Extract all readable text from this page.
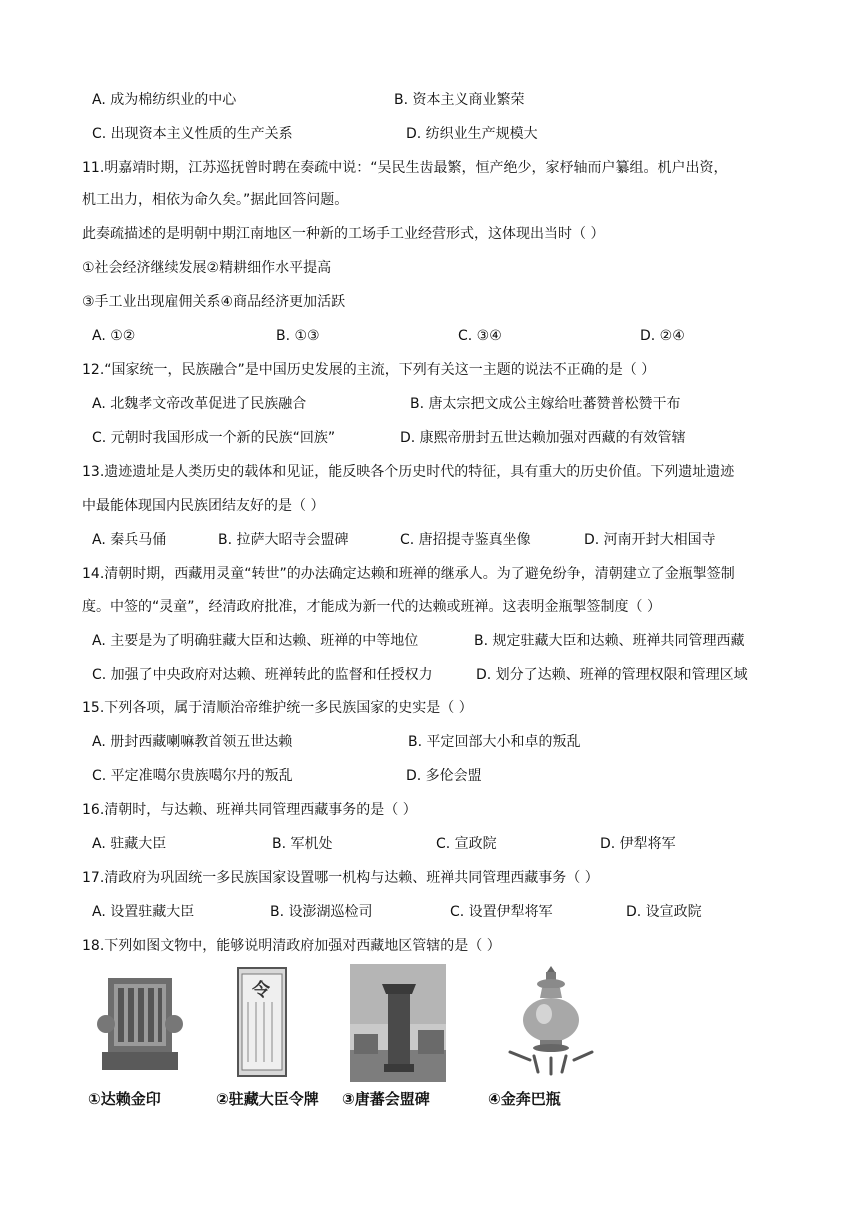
A. 成为棉纺织业的中心	B. 资本主义商业繁荣
C. 出现资本主义性质的生产关系	D. 纺织业生产规模大
11.明嘉靖时期，江苏巡抚曾时聘在奏疏中说：“吴民生齿最繁，恒产绝少，家杼轴而户纂组。机户出资，
机工出力，相依为命久矣。”据此回答问题。
此奏疏描述的是明朝中期江南地区一种新的工场手工业经营形式，这体现出当时（ ）
①社会经济继续发展②精耕细作水平提高
③手工业出现雇佣关系④商品经济更加活跃
A. ①②	B. ①③	C. ③④	D. ②④
12.“国家统一，民族融合”是中国历史发展的主流，下列有关这一主题的说法不正确的是（ ）
A. 北魏孝文帝改革促进了民族融合	B. 唐太宗把文成公主嫁给吐蕃赞普松赞干布
C. 元朝时我国形成一个新的民族“回族”	D. 康熙帝册封五世达赖加强对西藏的有效管辖
13.遗迹遗址是人类历史的载体和见证，能反映各个历史时代的特征，具有重大的历史价值。下列遗址遗迹
中最能体现国内民族团结友好的是（ ）
A. 秦兵马俑	B. 拉萨大昭寺会盟碑	C. 唐招提寺鉴真坐像	D. 河南开封大相国寺
14.清朝时期，西藏用灵童“转世”的办法确定达赖和班禅的继承人。为了避免纷争，清朝建立了金瓶掣签制
度。中签的“灵童”，经清政府批准，才能成为新一代的达赖或班禅。这表明金瓶掣签制度（ ）
A. 主要是为了明确驻藏大臣和达赖、班禅的中等地位	B. 规定驻藏大臣和达赖、班禅共同管理西藏
C. 加强了中央政府对达赖、班禅转此的监督和任授权力	D. 划分了达赖、班禅的管理权限和管理区域
15.下列各项，属于清顺治帝维护统一多民族国家的史实是（ ）
A. 册封西藏喇嘛教首领五世达赖	B. 平定回部大小和卓的叛乱
C. 平定准噶尔贵族噶尔丹的叛乱	D. 多伦会盟
16.清朝时，与达赖、班禅共同管理西藏事务的是（ ）
A. 驻藏大臣	B. 军机处	C. 宣政院	D. 伊犁将军
17.清政府为巩固统一多民族国家设置哪一机构与达赖、班禅共同管理西藏事务（ ）
A. 设置驻藏大臣	B. 设澎湖巡检司	C. 设置伊犁将军	D. 设宣政院
18.下列如图文物中，能够说明清政府加强对西藏地区管辖的是（ ）
令
①达赖金印	②驻藏大臣令牌 ③唐蕃会盟碑	④金奔巴瓶
